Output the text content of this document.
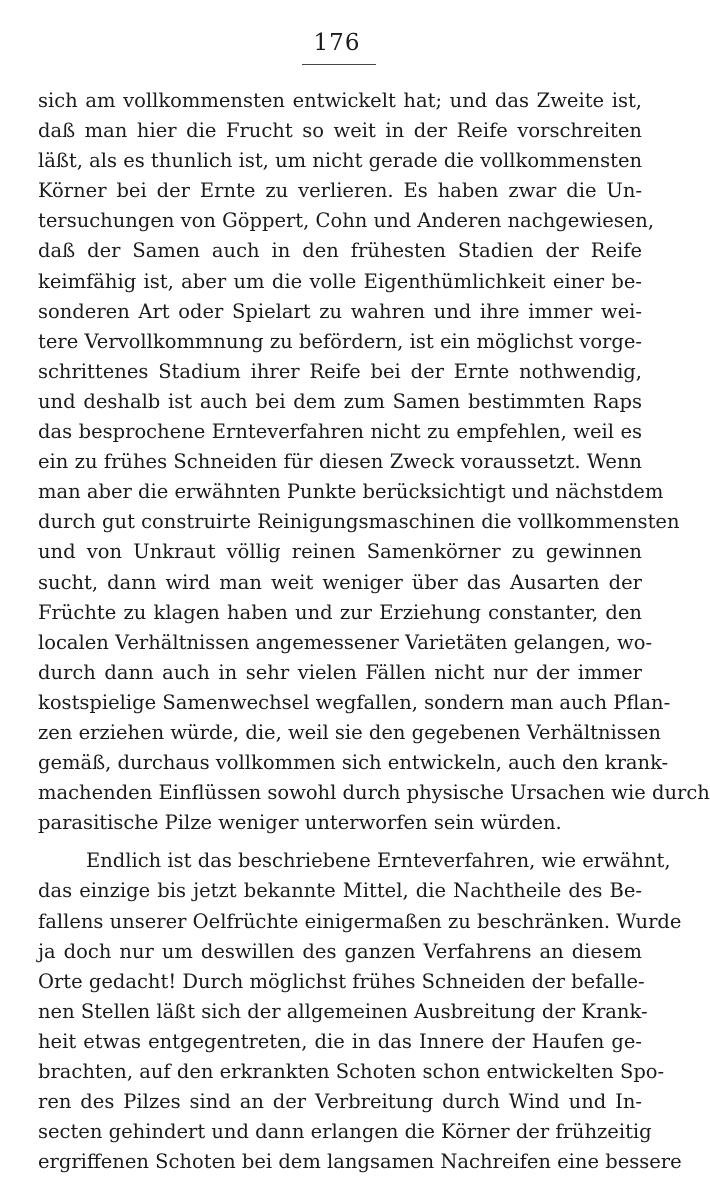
176
sich am vollkommensten entwickelt hat; und das Zweite ist,
daß man hier die Frucht so weit in der Reife vorschreiten
läßt, als es thunlich ist, um nicht gerade die vollkommensten
Körner bei der Ernte zu verlieren. Es haben zwar die Un-
tersuchungen von Göppert, Cohn und Anderen nachgewiesen,
daß der Samen auch in den frühesten Stadien der Reife
keimfähig ist, aber um die volle Eigenthümlichkeit einer be-
sonderen Art oder Spielart zu wahren und ihre immer wei-
tere Vervollkommnung zu befördern, ist ein möglichst vorge-
schrittenes Stadium ihrer Reife bei der Ernte nothwendig,
und deshalb ist auch bei dem zum Samen bestimmten Raps
das besprochene Ernteverfahren nicht zu empfehlen, weil es
ein zu frühes Schneiden für diesen Zweck voraussetzt. Wenn
man aber die erwähnten Punkte berücksichtigt und nächstdem
durch gut construirte Reinigungsmaschinen die vollkommensten
und von Unkraut völlig reinen Samenkörner zu gewinnen
sucht, dann wird man weit weniger über das Ausarten der
Früchte zu klagen haben und zur Erziehung constanter, den
localen Verhältnissen angemessener Varietäten gelangen, wo-
durch dann auch in sehr vielen Fällen nicht nur der immer
kostspielige Samenwechsel wegfallen, sondern man auch Pflan-
zen erziehen würde, die, weil sie den gegebenen Verhältnissen
gemäß, durchaus vollkommen sich entwickeln, auch den krank-
machenden Einflüssen sowohl durch physische Ursachen wie durch
parasitische Pilze weniger unterworfen sein würden.
Endlich ist das beschriebene Ernteverfahren, wie erwähnt,
das einzige bis jetzt bekannte Mittel, die Nachtheile des Be-
fallens unserer Oelfrüchte einigermaßen zu beschränken. Wurde
ja doch nur um deswillen des ganzen Verfahrens an diesem
Orte gedacht! Durch möglichst frühes Schneiden der befalle-
nen Stellen läßt sich der allgemeinen Ausbreitung der Krank-
heit etwas entgegentreten, die in das Innere der Haufen ge-
brachten, auf den erkrankten Schoten schon entwickelten Spo-
ren des Pilzes sind an der Verbreitung durch Wind und In-
secten gehindert und dann erlangen die Körner der frühzeitig
ergriffenen Schoten bei dem langsamen Nachreifen eine bessere
